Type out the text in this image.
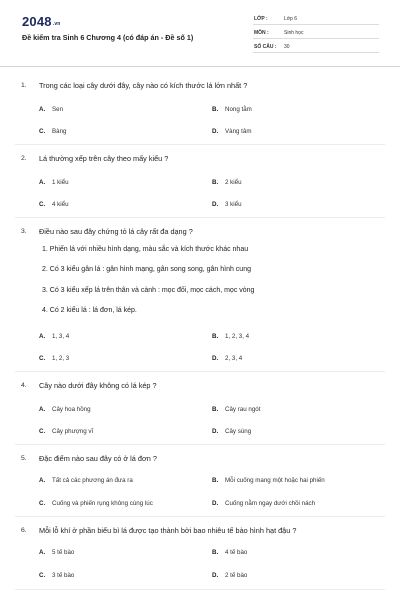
2048.vn
Đề kiểm tra Sinh 6 Chương 4 (có đáp án - Đề số 1)
LỚP :	Lớp 6
MÔN :	Sinh học
SỐ CÂU : 30
1. Trong các loại cây dưới đây, cây nào có kích thước lá lớn nhất ?
A. Sen	B. Nong tằm
C. Bàng	D. Vàng tâm
2. Lá thường xếp trên cây theo mấy kiểu ?
A. 1 kiểu	B. 2 kiểu
C. 4 kiểu	D. 3 kiểu
3. Điều nào sau đây chứng tỏ lá cây rất đa dạng ?
1. Phiến lá với nhiều hình dạng, màu sắc và kích thước khác nhau
2. Có 3 kiểu gân lá : gân hình mạng, gân song song, gân hình cung
3. Có 3 kiểu xếp lá trên thân và cành : mọc đối, mọc cách, mọc vòng
4. Có 2 kiểu lá : lá đơn, lá kép.
A. 1, 3, 4	B. 1, 2, 3, 4
C. 1, 2, 3	D. 2, 3, 4
4. Cây nào dưới đây không có lá kép ?
A. Cây hoa hồng	B. Cây rau ngót
C. Cây phượng vĩ	D. Cây súng
5. Đặc điểm nào sau đây có ở lá đơn ?
A. Tất cả các phương án đưa ra	B. Mỗi cuống mang một hoặc hai phiến
C. Cuống và phiến rụng không cùng lúc	D. Cuống nằm ngay dưới chồi nách
6. Mỗi lỗ khí ở phần biểu bì lá được tạo thành bởi bao nhiêu tế bào hình hạt đậu ?
A. 5 tế bào	B. 4 tế bào
C. 3 tế bào	D. 2 tế bào
